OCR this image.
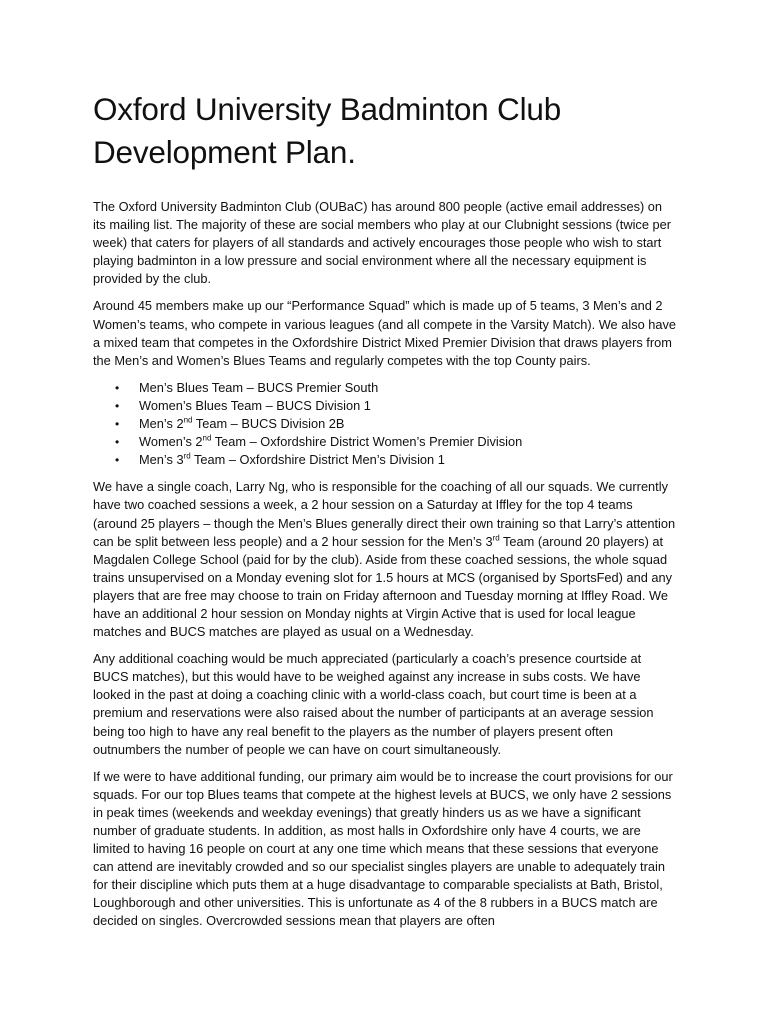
Oxford University Badminton Club
Development Plan.

The Oxford University Badminton Club (OUBaC) has around 800 people (active email addresses) on its mailing list. The majority of these are social members who play at our Clubnight sessions (twice per week) that caters for players of all standards and actively encourages those people who wish to start playing badminton in a low pressure and social environment where all the necessary equipment is provided by the club.

Around 45 members make up our “Performance Squad” which is made up of 5 teams, 3 Men’s and 2 Women’s teams, who compete in various leagues (and all compete in the Varsity Match). We also have a mixed team that competes in the Oxfordshire District Mixed Premier Division that draws players from the Men’s and Women’s Blues Teams and regularly competes with the top County pairs.

• Men’s Blues Team – BUCS Premier South
• Women’s Blues Team – BUCS Division 1
• Men’s 2nd Team – BUCS Division 2B
• Women’s 2nd Team – Oxfordshire District Women’s Premier Division
• Men’s 3rd Team – Oxfordshire District Men’s Division 1

We have a single coach, Larry Ng, who is responsible for the coaching of all our squads. We currently have two coached sessions a week, a 2 hour session on a Saturday at Iffley for the top 4 teams (around 25 players – though the Men’s Blues generally direct their own training so that Larry’s attention can be split between less people) and a 2 hour session for the Men’s 3rd Team (around 20 players) at Magdalen College School (paid for by the club). Aside from these coached sessions, the whole squad trains unsupervised on a Monday evening slot for 1.5 hours at MCS (organised by SportsFed) and any players that are free may choose to train on Friday afternoon and Tuesday morning at Iffley Road. We have an additional 2 hour session on Monday nights at Virgin Active that is used for local league matches and BUCS matches are played as usual on a Wednesday.

Any additional coaching would be much appreciated (particularly a coach’s presence courtside at BUCS matches), but this would have to be weighed against any increase in subs costs. We have looked in the past at doing a coaching clinic with a world-class coach, but court time is been at a premium and reservations were also raised about the number of participants at an average session being too high to have any real benefit to the players as the number of players present often outnumbers the number of people we can have on court simultaneously.

If we were to have additional funding, our primary aim would be to increase the court provisions for our squads. For our top Blues teams that compete at the highest levels at BUCS, we only have 2 sessions in peak times (weekends and weekday evenings) that greatly hinders us as we have a significant number of graduate students. In addition, as most halls in Oxfordshire only have 4 courts, we are limited to having 16 people on court at any one time which means that these sessions that everyone can attend are inevitably crowded and so our specialist singles players are unable to adequately train for their discipline which puts them at a huge disadvantage to comparable specialists at Bath, Bristol, Loughborough and other universities. This is unfortunate as 4 of the 8 rubbers in a BUCS match are decided on singles. Overcrowded sessions mean that players are often
